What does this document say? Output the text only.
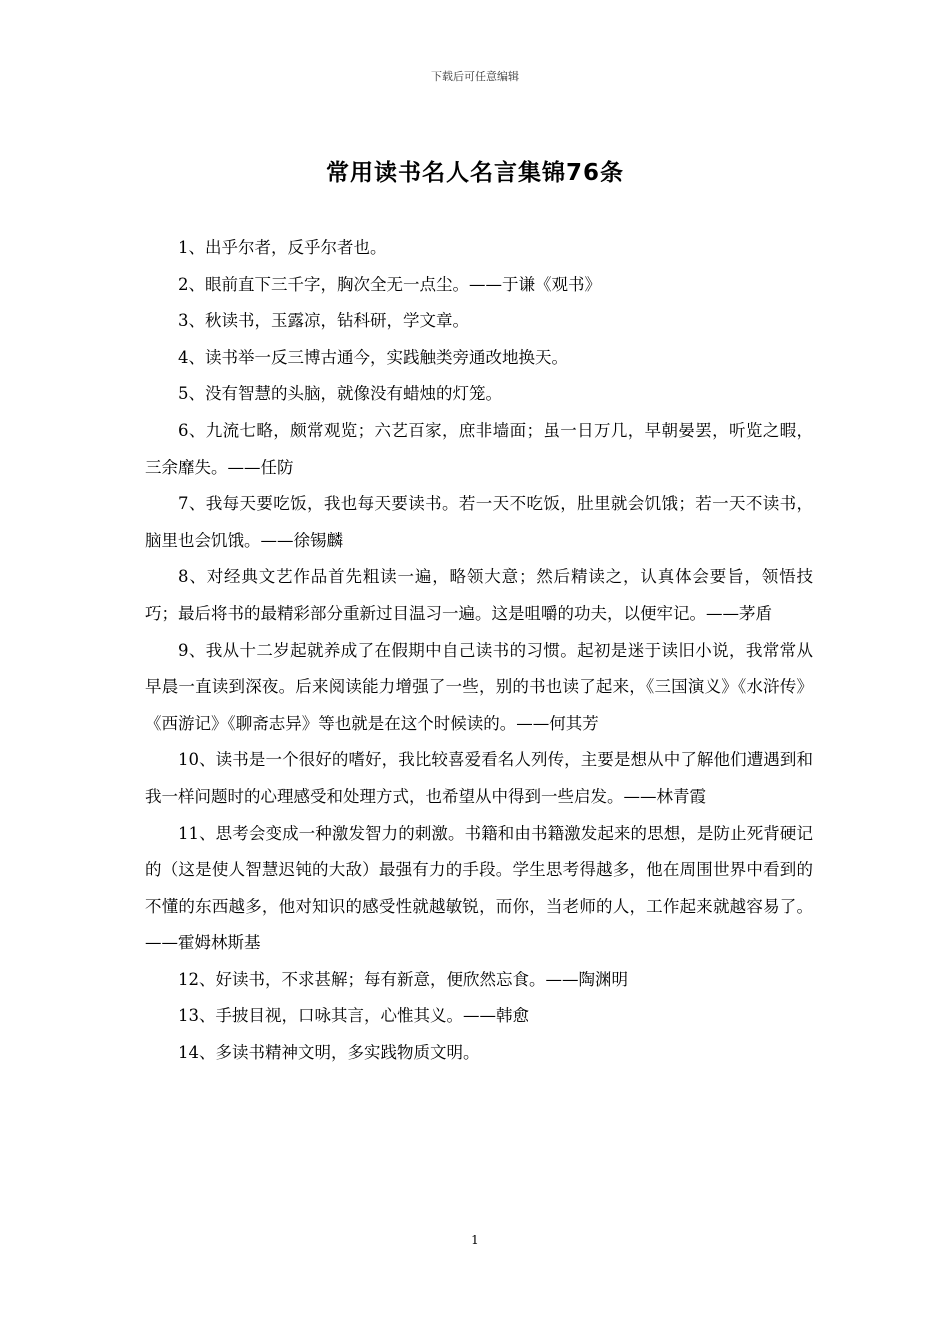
下载后可任意编辑
常用读书名人名言集锦76条

1、出乎尔者，反乎尔者也。

2、眼前直下三千字，胸次全无一点尘。——于谦《观书》

3、秋读书，玉露凉，钻科研，学文章。

4、读书举一反三博古通今，实践触类旁通改地换天。

5、没有智慧的头脑，就像没有蜡烛的灯笼。

6、九流七略，颇常观览；六艺百家，庶非墙面；虽一日万几，早朝晏罢，听览之暇，三余靡失。——任防

7、我每天要吃饭，我也每天要读书。若一天不吃饭，肚里就会饥饿；若一天不读书，脑里也会饥饿。——徐锡麟

8、对经典文艺作品首先粗读一遍，略领大意；然后精读之，认真体会要旨，领悟技巧；最后将书的最精彩部分重新过目温习一遍。这是咀嚼的功夫，以便牢记。——茅盾

9、我从十二岁起就养成了在假期中自己读书的习惯。起初是迷于读旧小说，我常常从早晨一直读到深夜。后来阅读能力增强了一些，别的书也读了起来，《三国演义》《水浒传》《西游记》《聊斋志异》等也就是在这个时候读的。——何其芳

10、读书是一个很好的嗜好，我比较喜爱看名人列传，主要是想从中了解他们遭遇到和我一样问题时的心理感受和处理方式，也希望从中得到一些启发。——林青霞

11、思考会变成一种激发智力的刺激。书籍和由书籍激发起来的思想，是防止死背硬记的（这是使人智慧迟钝的大敌）最强有力的手段。学生思考得越多，他在周围世界中看到的不懂的东西越多，他对知识的感受性就越敏锐，而你，当老师的人，工作起来就越容易了。——霍姆林斯基

12、好读书，不求甚解；每有新意，便欣然忘食。——陶渊明

13、手披目视，口咏其言，心惟其义。——韩愈

14、多读书精神文明，多实践物质文明。

1
